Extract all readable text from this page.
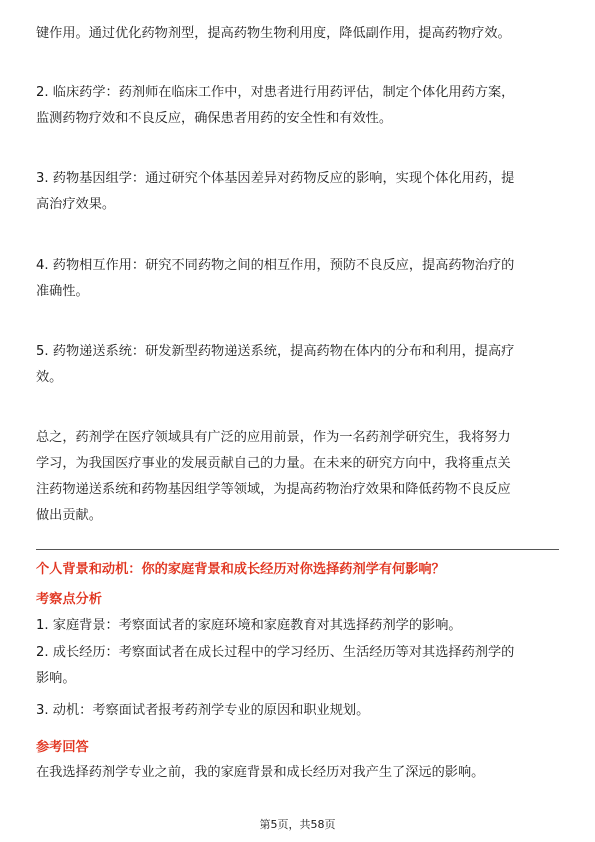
键作用。通过优化药物剂型，提高药物生物利用度，降低副作用，提高药物疗效。

2. 临床药学：药剂师在临床工作中，对患者进行用药评估，制定个体化用药方案，
监测药物疗效和不良反应，确保患者用药的安全性和有效性。

3. 药物基因组学：通过研究个体基因差异对药物反应的影响，实现个体化用药，提
高治疗效果。

4. 药物相互作用：研究不同药物之间的相互作用，预防不良反应，提高药物治疗的
准确性。

5. 药物递送系统：研发新型药物递送系统，提高药物在体内的分布和利用，提高疗
效。

总之，药剂学在医疗领域具有广泛的应用前景，作为一名药剂学研究生，我将努力
学习，为我国医疗事业的发展贡献自己的力量。在未来的研究方向中，我将重点关
注药物递送系统和药物基因组学等领域，为提高药物治疗效果和降低药物不良反应
做出贡献。

个人背景和动机：你的家庭背景和成长经历对你选择药剂学有何影响？

考察点分析

1. 家庭背景：考察面试者的家庭环境和家庭教育对其选择药剂学的影响。

2. 成长经历：考察面试者在成长过程中的学习经历、生活经历等对其选择药剂学的
影响。

3. 动机：考察面试者报考药剂学专业的原因和职业规划。

参考回答

在我选择药剂学专业之前，我的家庭背景和成长经历对我产生了深远的影响。

第5页，共58页
